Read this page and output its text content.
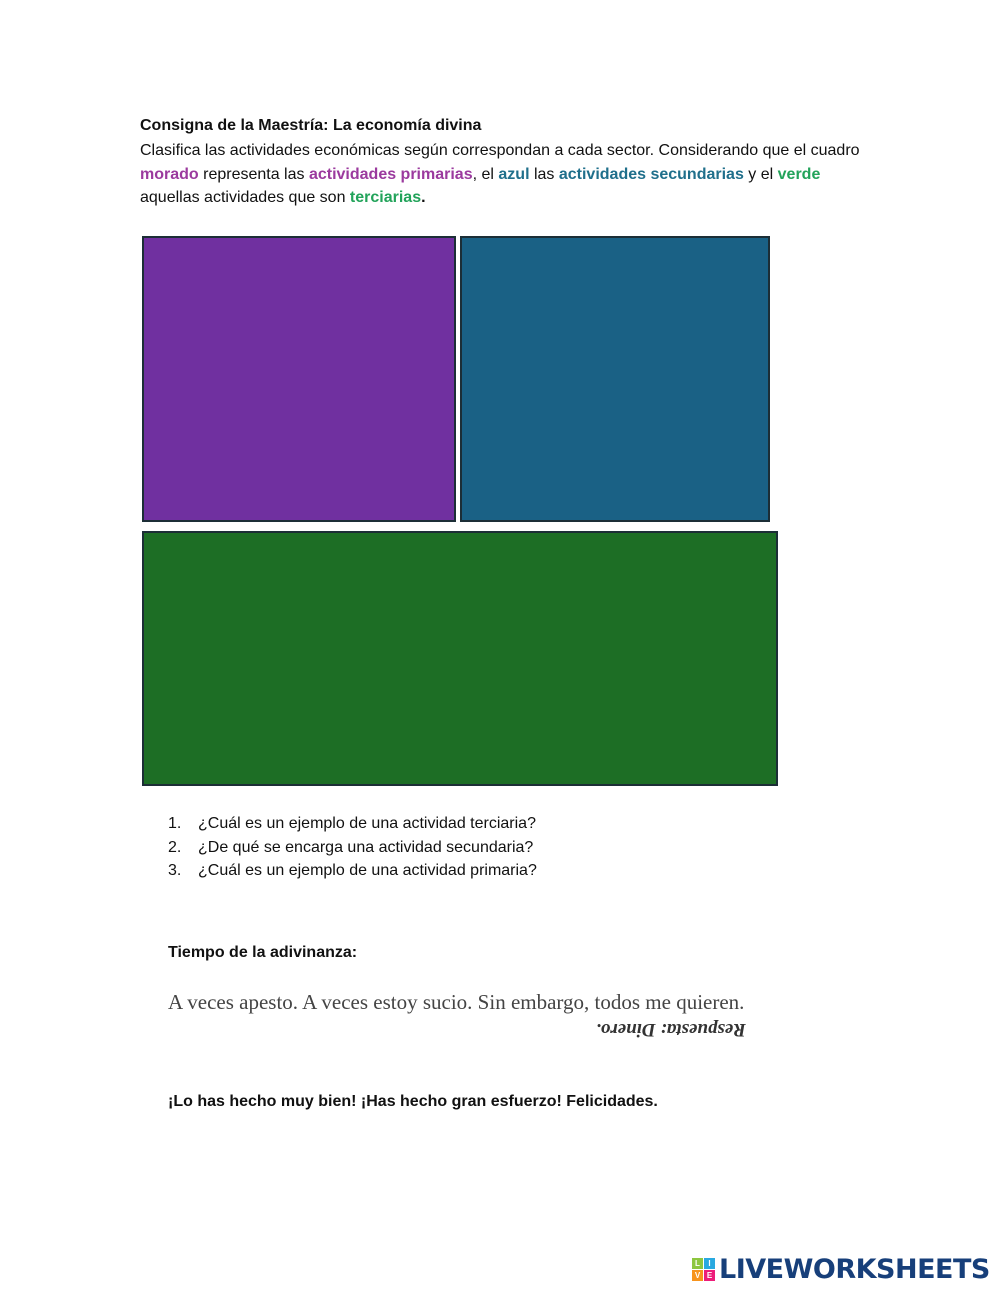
Consigna de la Maestría: La economía divina

Clasifica las actividades económicas según correspondan a cada sector. Considerando que el cuadro morado representa las actividades primarias, el azul las actividades secundarias y el verde aquellas actividades que son terciarias.

1. ¿Cuál es un ejemplo de una actividad terciaria?
2. ¿De qué se encarga una actividad secundaria?
3. ¿Cuál es un ejemplo de una actividad primaria?

Tiempo de la adivinanza:

A veces apesto. A veces estoy sucio. Sin embargo, todos me quieren.
Respuesta: Dinero.

¡Lo has hecho muy bien! ¡Has hecho gran esfuerzo! Felicidades.

L	I
V E LIVEWORKSHEETS
